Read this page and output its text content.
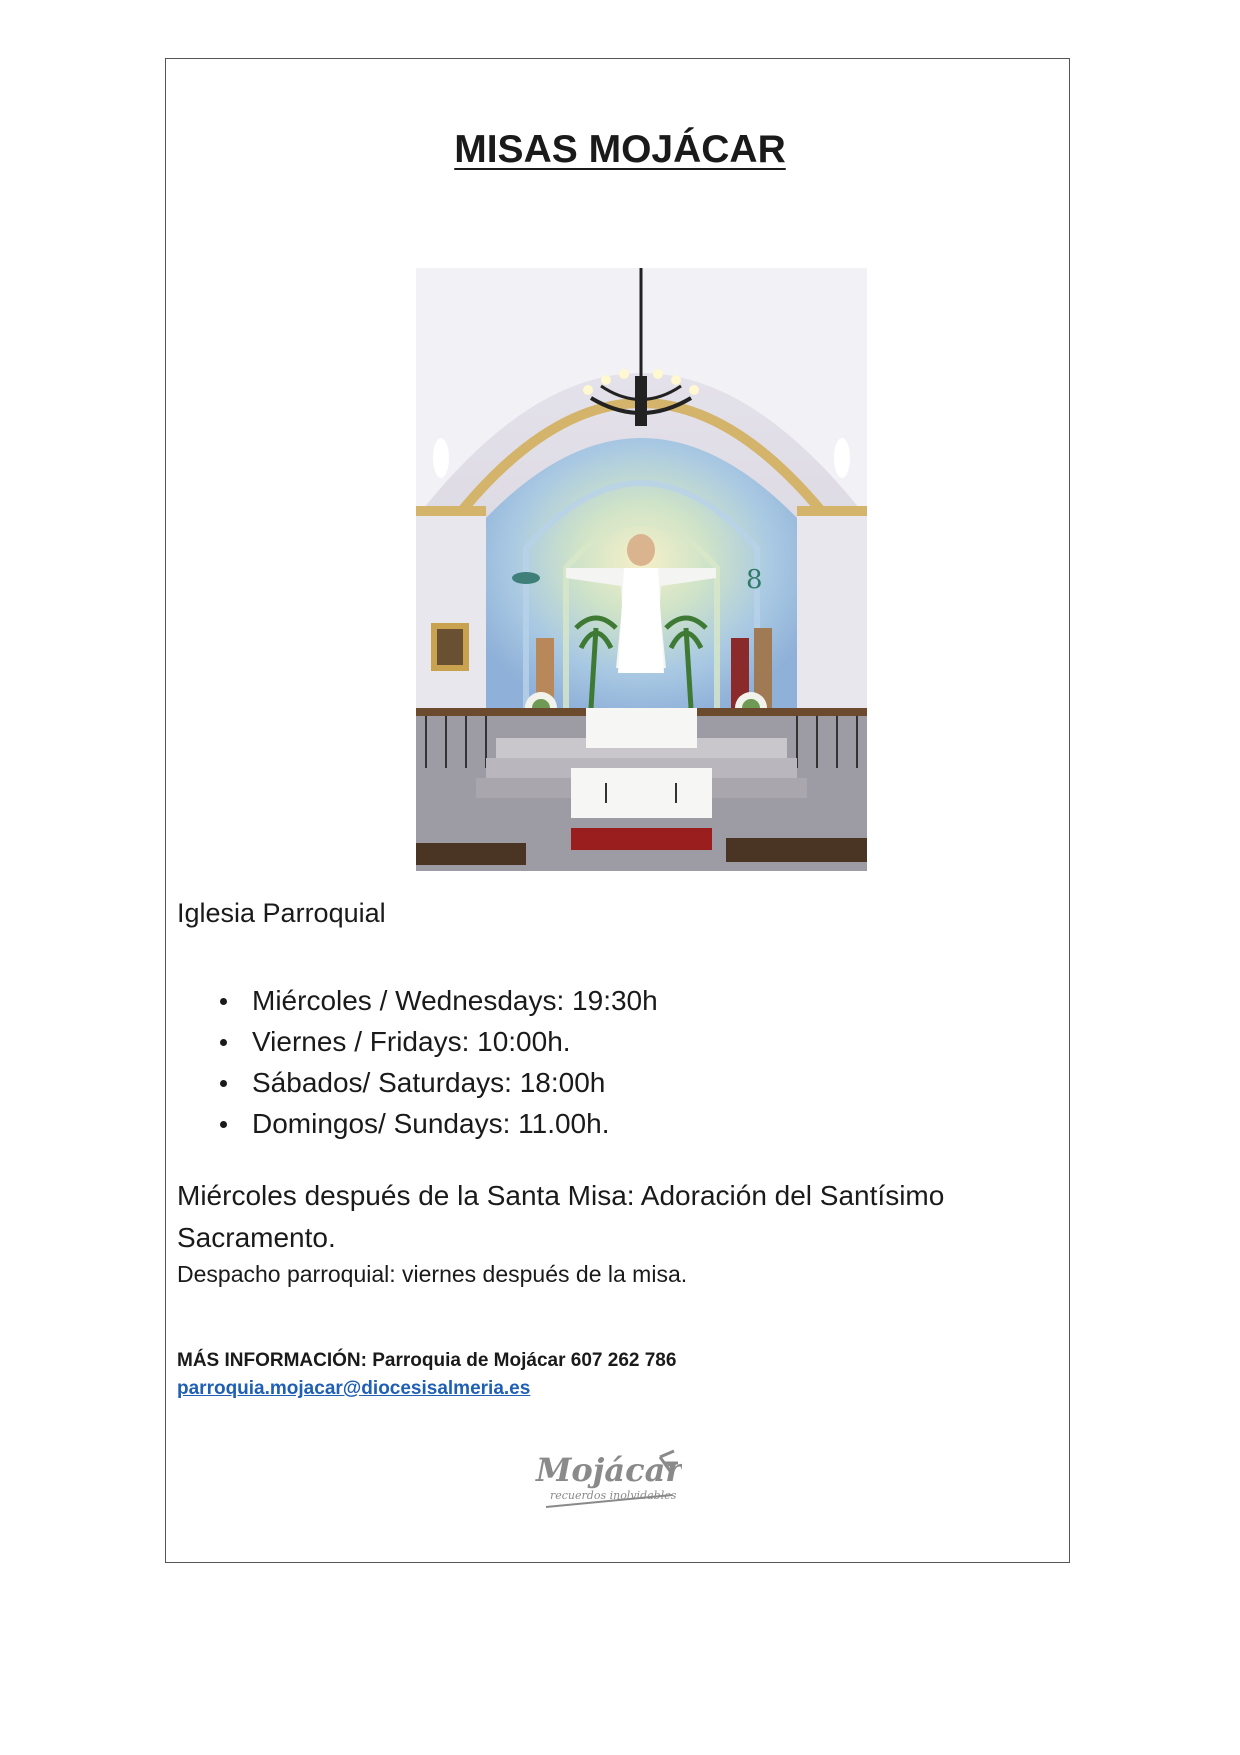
MISAS MOJÁCAR
8
Iglesia Parroquial
Miércoles / Wednesdays: 19:30h
Viernes / Fridays: 10:00h.
Sábados/ Saturdays: 18:00h
Domingos/ Sundays: 11.00h.
Miércoles después de la Santa Misa: Adoración del Santísimo Sacramento.
Despacho parroquial: viernes después de la misa.
MÁS INFORMACIÓN: Parroquia de Mojácar 607 262 786
parroquia.mojacar@diocesisalmeria.es
Mojácar
recuerdos inolvidables
